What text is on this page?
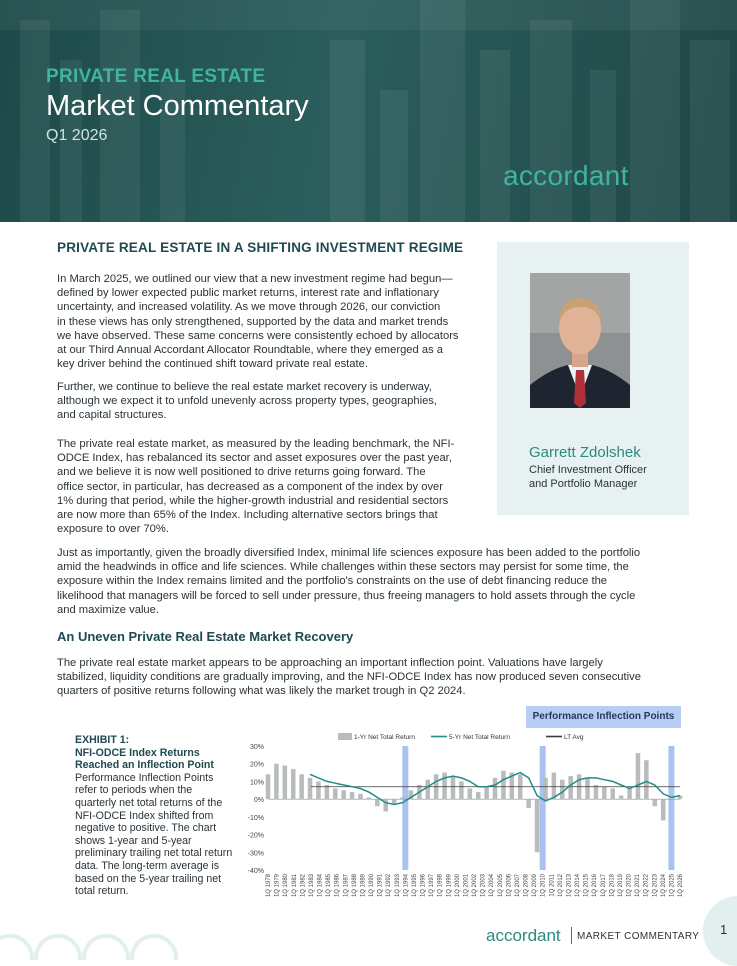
PRIVATE REAL ESTATE
Market Commentary
Q1 2026
accordant
PRIVATE REAL ESTATE IN A SHIFTING INVESTMENT REGIME
In March 2025, we outlined our view that a new investment regime had begun—
defined by lower expected public market returns, interest rate and inflationary
uncertainty, and increased volatility. As we move through 2026, our conviction
in these views has only strengthened, supported by the data and market trends
we have observed. These same concerns were consistently echoed by allocators
at our Third Annual Accordant Allocator Roundtable, where they emerged as a
key driver behind the continued shift toward private real estate.
Further, we continue to believe the real estate market recovery is underway,
although we expect it to unfold unevenly across property types, geographies,
and capital structures.
The private real estate market, as measured by the leading benchmark, the NFI-
ODCE Index, has rebalanced its sector and asset exposures over the past year,
and we believe it is now well positioned to drive returns going forward. The
office sector, in particular, has decreased as a component of the index by over
1% during that period, while the higher-growth industrial and residential sectors
are now more than 65% of the Index. Including alternative sectors brings that
exposure to over 70%.
Just as importantly, given the broadly diversified Index, minimal life sciences exposure has been added to the portfolio
amid the headwinds in office and life sciences. While challenges within these sectors may persist for some time, the
exposure within the Index remains limited and the portfolio's constraints on the use of debt financing reduce the
likelihood that managers will be forced to sell under pressure, thus freeing managers to hold assets through the cycle
and maximize value.
An Uneven Private Real Estate Market Recovery
The private real estate market appears to be approaching an important inflection point. Valuations have largely
stabilized, liquidity conditions are gradually improving, and the NFI-ODCE Index has now produced seven consecutive
quarters of positive returns following what was likely the market trough in Q2 2024.
Garrett Zdolshek
Chief Investment Officer
and Portfolio Manager
EXHIBIT 1:
NFI-ODCE Index Returns
Reached an Inflection Point
Performance Inflection Points refer to periods when the quarterly net total returns of the NFI-ODCE Index shifted from negative to positive. The chart shows 1-year and 5-year preliminary trailing net total return data. The long-term average is based on the 5-year trailing net total return.
Performance Inflection Points
30%
20%
10%
0%
-10%
-20%
-30%
-40%
1Q 1978 1Q 1979 1Q 1980 1Q 1981 1Q 1982 1Q 1983 1Q 1984 1Q 1985 1Q 1986 1Q 1987 1Q 1988 1Q 1989 1Q 1990 1Q 1991 1Q 1992 1Q 1993 1Q 1994 1Q 1995 1Q 1996 1Q 1997 1Q 1998 1Q 1999 1Q 2000 1Q 2001 1Q 2002 1Q 2003 1Q 2004 1Q 2005 1Q 2006 1Q 2007 1Q 2008 1Q 2009 1Q 2010 1Q 2011 1Q 2012 1Q 2013 1Q 2014 1Q 2015 1Q 2016 1Q 2017 1Q 2018 1Q 2019 1Q 2020 1Q 2021 1Q 2022 1Q 2023 1Q 2024 1Q 2025 1Q 2026
1-Yr Net Total Return	5-Yr Net Total Return	LT Avg
accordant MARKET COMMENTARY 1
